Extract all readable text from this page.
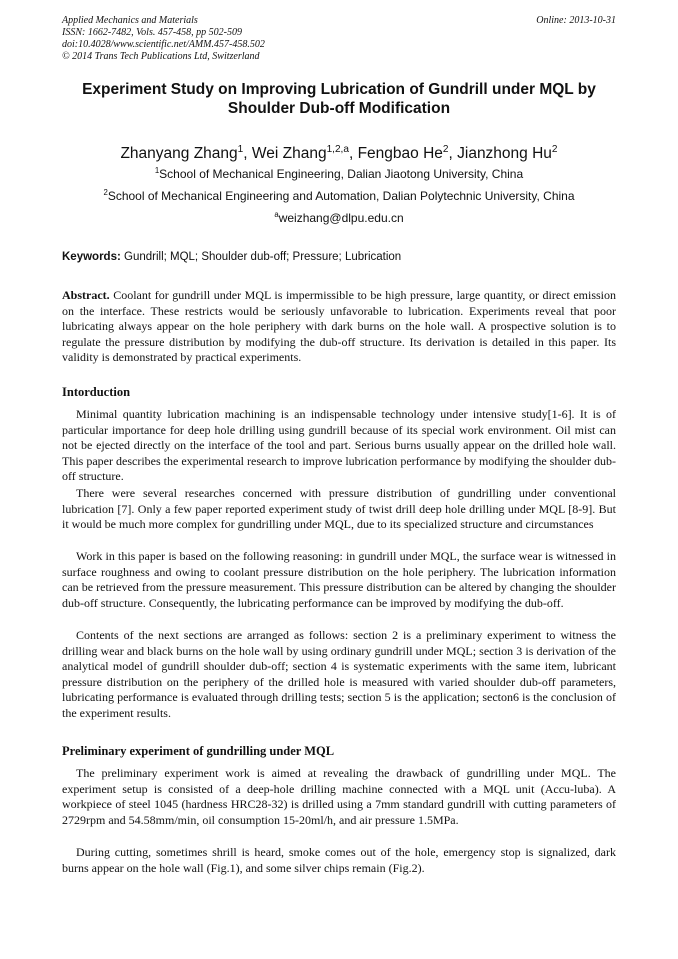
Applied Mechanics and Materials
ISSN: 1662-7482, Vols. 457-458, pp 502-509
doi:10.4028/www.scientific.net/AMM.457-458.502
© 2014 Trans Tech Publications Ltd, Switzerland
Online: 2013-10-31
Experiment Study on Improving Lubrication of Gundrill under MQL by Shoulder Dub-off Modification
Zhanyang Zhang$^1$, Wei Zhang$^{1,2,a}$, Fengbao He$^2$, Jianzhong Hu$^2$
$^1$School of Mechanical Engineering, Dalian Jiaotong University, China
$^2$School of Mechanical Engineering and Automation, Dalian Polytechnic University, China
$^a$weizhang@dlpu.edu.cn
Keywords: Gundrill; MQL; Shoulder dub-off; Pressure; Lubrication
Abstract. Coolant for gundrill under MQL is impermissible to be high pressure, large quantity, or direct emission on the interface. These restricts would be seriously unfavorable to lubrication. Experiments reveal that poor lubricating always appear on the hole periphery with dark burns on the hole wall. A prospective solution is to regulate the pressure distribution by modifying the dub-off structure. Its derivation is detailed in this paper. Its validity is demonstrated by practical experiments.
Intorduction
Minimal quantity lubrication machining is an indispensable technology under intensive study[1-6]. It is of particular importance for deep hole drilling using gundrill because of its special work environment. Oil mist can not be ejected directly on the interface of the tool and part. Serious burns usually appear on the drilled hole wall. This paper describes the experimental research to improve lubrication performance by modifying the shoulder dub-off structure.
There were several researches concerned with pressure distribution of gundrilling under conventional lubrication [7]. Only a few paper reported experiment study of twist drill deep hole drilling under MQL [8-9]. But it would be much more complex for gundrilling under MQL, due to its specialized structure and circumstances
Work in this paper is based on the following reasoning: in gundrill under MQL, the surface wear is witnessed in surface roughness and owing to coolant pressure distribution on the hole periphery. The lubrication information can be retrieved from the pressure measurement. This pressure distribution can be altered by changing the shoulder dub-off structure. Consequently, the lubricating performance can be improved by modifying the dub-off.
Contents of the next sections are arranged as follows: section 2 is a preliminary experiment to witness the drilling wear and black burns on the hole wall by using ordinary gundrill under MQL; section 3 is derivation of the analytical model of gundrill shoulder dub-off; section 4 is systematic experiments with the same item, lubricant pressure distribution on the periphery of the drilled hole is measured with varied shoulder dub-off parameters, lubricating performance is evaluated through drilling tests; section 5 is the application; secton6 is the conclusion of the experiment results.
Preliminary experiment of gundrilling under MQL
The preliminary experiment work is aimed at revealing the drawback of gundrilling under MQL. The experiment setup is consisted of a deep-hole drilling machine connected with a MQL unit (Accu-luba). A workpiece of steel 1045 (hardness HRC28-32) is drilled using a 7mm standard gundrill with cutting parameters of 2729rpm and 54.58mm/min, oil consumption 15-20ml/h, and air pressure 1.5MPa.
During cutting, sometimes shrill is heard, smoke comes out of the hole, emergency stop is signalized, dark burns appear on the hole wall (Fig.1), and some silver chips remain (Fig.2).
